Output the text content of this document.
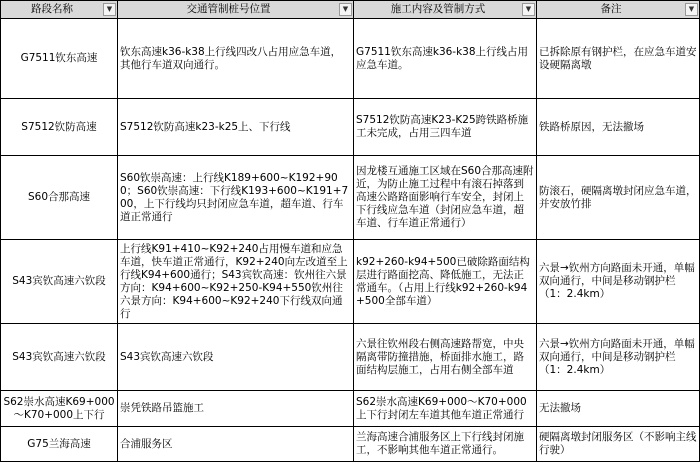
路段名称 ▼	交通管制桩号位置 ▼	施工内容及管制方式 ▼	备注 ▼

G7511钦东高速	钦东高速k36-k38上行线四改八占用应急车道，其他行车道双向通行。	G7511钦东高速k36-k38上行线占用应急车道。	已拆除原有钢护栏，在应急车道安设硬隔离墩
S7512钦防高速	S7512钦防高速k23-k25上、下行线	S7512钦防高速K23-K25跨铁路桥施工未完成，占用三四车道	铁路桥原因，无法撤场
S60合那高速	S60钦崇高速：上行线K189+600~K192+900；S60钦崇高速：下行线K193+600~K191+700，上下行线均只封闭应急车道，超车道、行车道正常通行	因龙楼互通施工区域在S60合那高速附近，为防止施工过程中有滚石掉落到高速公路路面影响行车安全，封闭上下行线应急车道（封闭应急车道，超车道、行车道正常通行）	防滚石，硬隔离墩封闭应急车道，并安放竹排
S43宾钦高速六钦段	上行线K91+410~K92+240占用慢车道和应急车道，快车道正常通行，K92+240向左改道至上行线K94+600通行；S43宾钦高速：钦州往六景方向：K94+600~K92+250-K94+550钦州往六景方向：K94+600~K92+240下行线双向通行	k92+260-k94+500已破除路面结构层进行路面挖高、降低施工，无法正常通车。（占用上行线k92+260-k94+500全部车道）	六景→钦州方向路面未开通，单幅双向通行，中间是移动钢护栏（1：2.4km）
S43宾钦高速六钦段	S43宾钦高速六钦段	六景往钦州段右侧高速路帮宽，中央隔离带防撞措施，桥面排水施工，路面结构层施工，占用右侧全部车道	六景→钦州方向路面未开通，单幅双向通行，中间是移动钢护栏（1：2.4km）
S62崇水高速K69+000～K70+000上下行	崇凭铁路吊篮施工	S62崇水高速K69+000～K70+000上下行封闭左车道其他车道正常通行	无法撤场
G75兰海高速	合浦服务区	兰海高速合浦服务区上下行线封闭施工，不影响其他车道正常通行。	硬隔离墩封闭服务区（不影响主线行驶）
